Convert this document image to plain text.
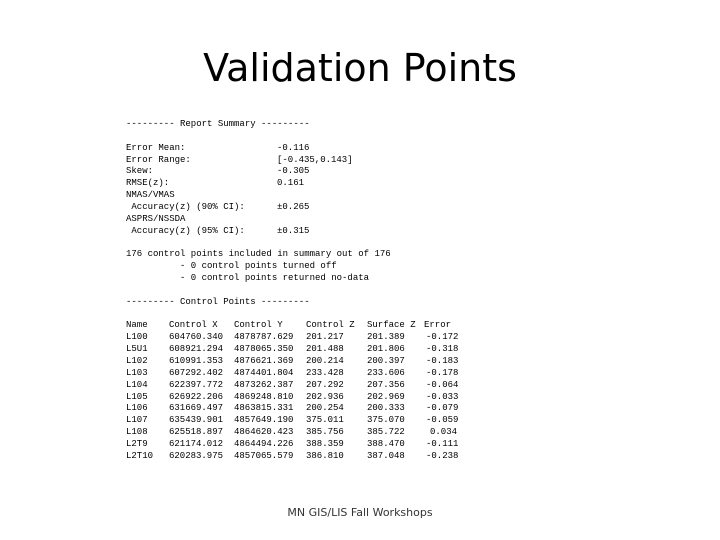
Validation Points
--------- Report Summary ---------
Error Mean:	-0.116
Error Range:	[-0.435,0.143]
Skew:	-0.305
RMSE(z):	0.161
NMAS/VMAS
Accuracy(z) (90% CI):	±0.265
ASPRS/NSSDA
Accuracy(z) (95% CI):	±0.315
176 control points included in summary out of 176
- 0 control points turned off
- 0 control points returned no-data
--------- Control Points ---------
Name Control X Control Y	Control Z Surface Z Error
L100 604760.340 4878787.629 201.217	201.389 -0.172
L5U1 608921.294 4878065.350 201.488	201.806 -0.318
L102 610991.353 4876621.369 200.214	200.397 -0.183
L103 607292.402 4874401.804 233.428	233.606 -0.178
L104 622397.772 4873262.387 207.292	207.356 -0.064
L105 626922.206 4869248.810 202.936	202.969 -0.033
L106 631669.497 4863815.331 200.254	200.333 -0.079
L107 635439.901 4857649.190 375.011	375.070 -0.059
L108 625518.897 4864620.423 385.756	385.722	0.034
L2T9 621174.012 4864494.226 388.359	388.470 -0.111
L2T10 620283.975 4857065.579 386.810	387.048 -0.238
MN GIS/LIS Fall Workshops
